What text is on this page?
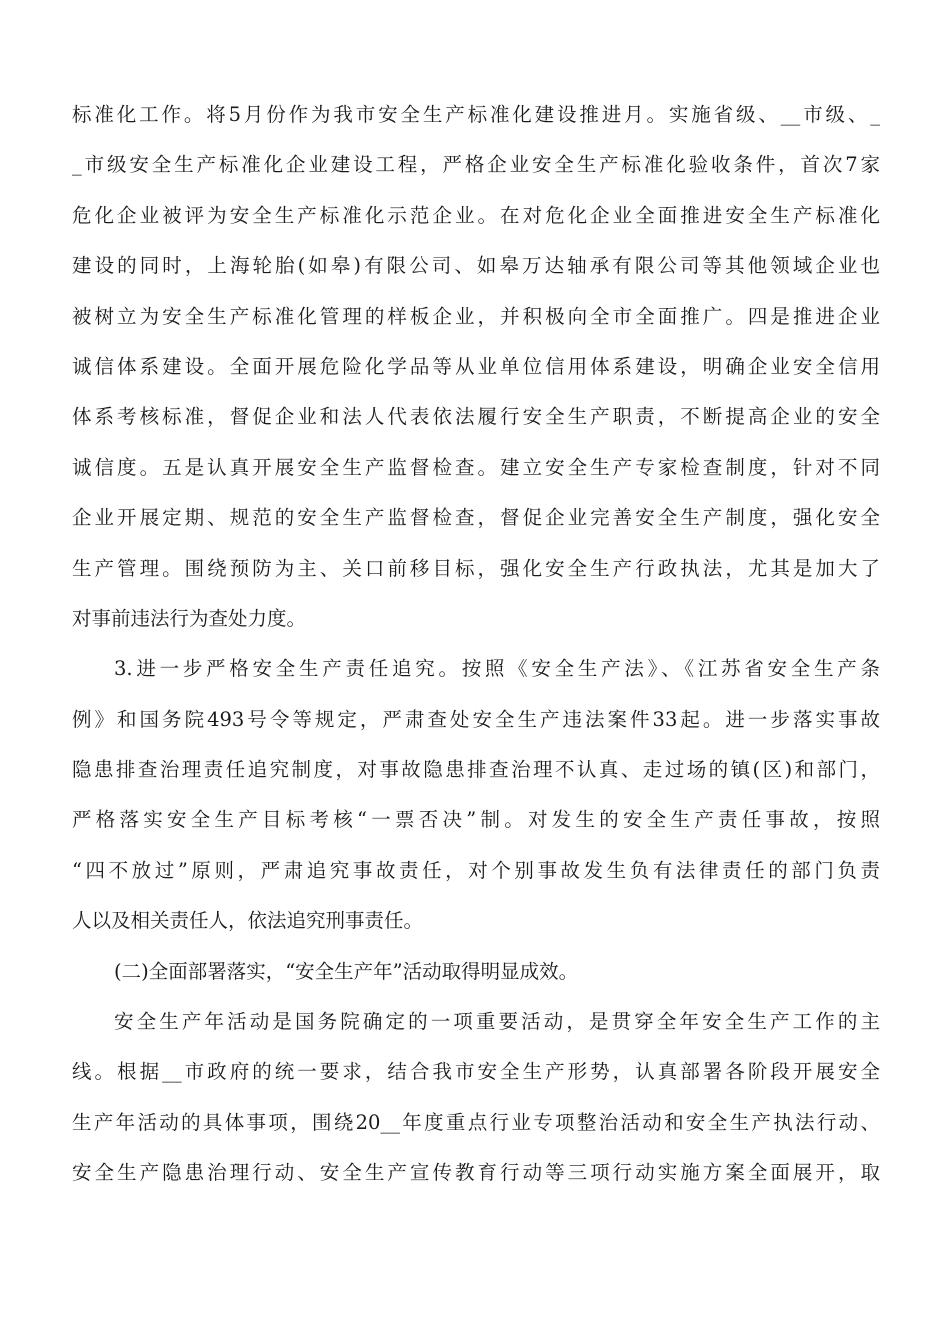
标准化工作。将5月份作为我市安全生产标准化建设推进月。实施省级、__市级、_
_市级安全生产标准化企业建设工程，严格企业安全生产标准化验收条件，首次7家
危化企业被评为安全生产标准化示范企业。在对危化企业全面推进安全生产标准化
建设的同时，上海轮胎(如皋)有限公司、如皋万达轴承有限公司等其他领域企业也
被树立为安全生产标准化管理的样板企业，并积极向全市全面推广。四是推进企业
诚信体系建设。全面开展危险化学品等从业单位信用体系建设，明确企业安全信用
体系考核标准，督促企业和法人代表依法履行安全生产职责，不断提高企业的安全
诚信度。五是认真开展安全生产监督检查。建立安全生产专家检查制度，针对不同
企业开展定期、规范的安全生产监督检查，督促企业完善安全生产制度，强化安全
生产管理。围绕预防为主、关口前移目标，强化安全生产行政执法，尤其是加大了
对事前违法行为查处力度。
3.进一步严格安全生产责任追究。按照《安全生产法》、《江苏省安全生产条
例》和国务院493号令等规定，严肃查处安全生产违法案件33起。进一步落实事故
隐患排查治理责任追究制度，对事故隐患排查治理不认真、走过场的镇(区)和部门，
严格落实安全生产目标考核“一票否决”制。对发生的安全生产责任事故，按照
“四不放过”原则，严肃追究事故责任，对个别事故发生负有法律责任的部门负责
人以及相关责任人，依法追究刑事责任。
(二)全面部署落实，“安全生产年”活动取得明显成效。
安全生产年活动是国务院确定的一项重要活动，是贯穿全年安全生产工作的主
线。根据__市政府的统一要求，结合我市安全生产形势，认真部署各阶段开展安全
生产年活动的具体事项，围绕20__年度重点行业专项整治活动和安全生产执法行动、
安全生产隐患治理行动、安全生产宣传教育行动等三项行动实施方案全面展开，取
